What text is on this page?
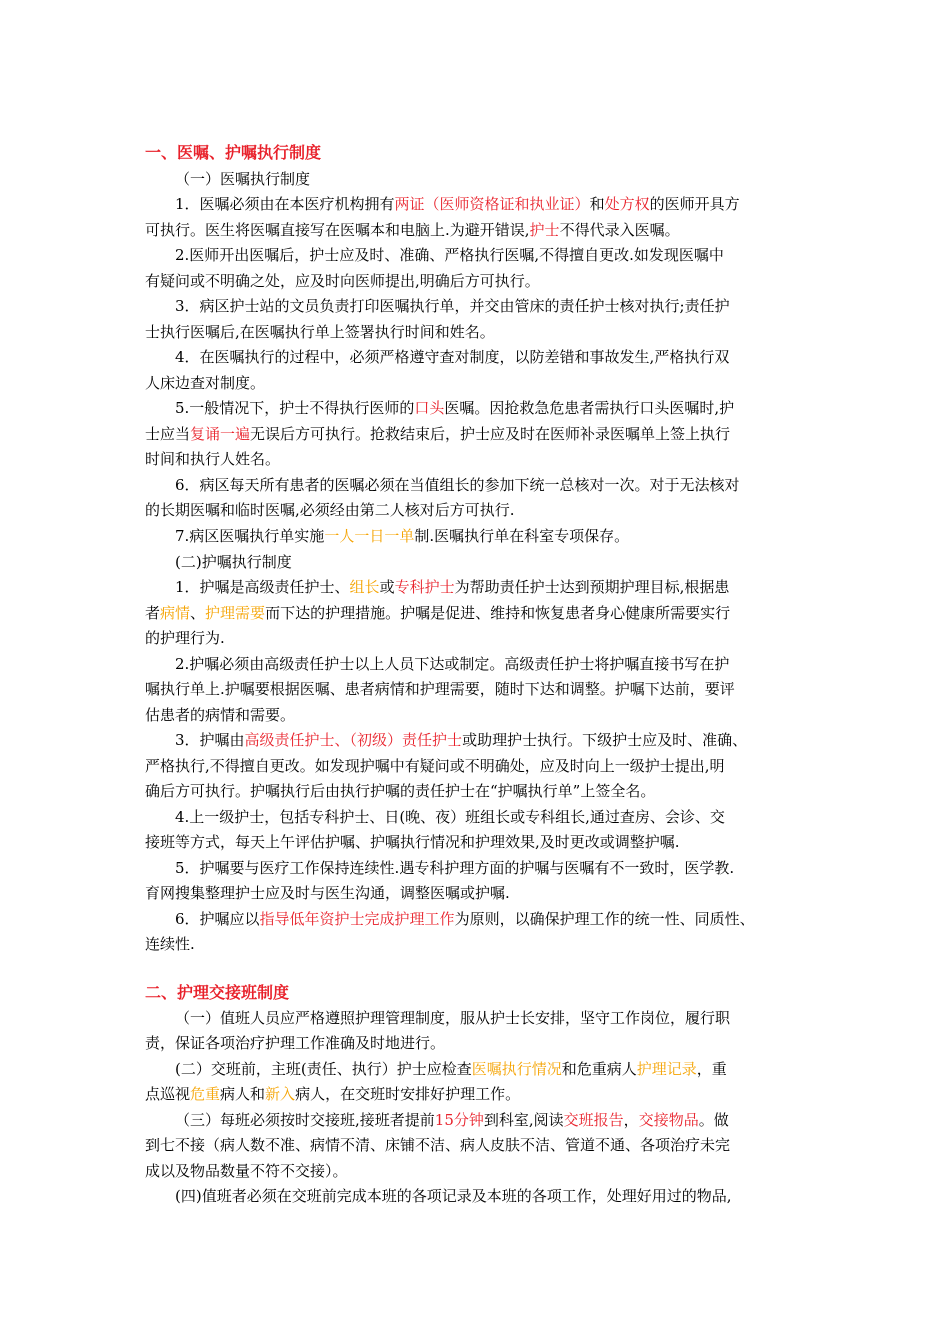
一、医嘱、护嘱执行制度
（一）医嘱执行制度
1．医嘱必须由在本医疗机构拥有两证（医师资格证和执业证）和处方权的医师开具方
可执行。医生将医嘱直接写在医嘱本和电脑上.为避开错误,护士不得代录入医嘱。
2.医师开出医嘱后，护士应及时、准确、严格执行医嘱,不得擅自更改.如发现医嘱中
有疑问或不明确之处，应及时向医师提出,明确后方可执行。
3．病区护士站的文员负责打印医嘱执行单，并交由管床的责任护士核对执行;责任护
士执行医嘱后,在医嘱执行单上签署执行时间和姓名。
4．在医嘱执行的过程中，必须严格遵守查对制度，以防差错和事故发生,严格执行双
人床边查对制度。
5.一般情况下，护士不得执行医师的口头医嘱。因抢救急危患者需执行口头医嘱时,护
士应当复诵一遍无误后方可执行。抢救结束后，护士应及时在医师补录医嘱单上签上执行
时间和执行人姓名。
6．病区每天所有患者的医嘱必须在当值组长的参加下统一总核对一次。对于无法核对
的长期医嘱和临时医嘱,必须经由第二人核对后方可执行.
7.病区医嘱执行单实施一人一日一单制.医嘱执行单在科室专项保存。
(二)护嘱执行制度
1．护嘱是高级责任护士、组长或专科护士为帮助责任护士达到预期护理目标,根据患
者病情、护理需要而下达的护理措施。护嘱是促进、维持和恢复患者身心健康所需要实行
的护理行为.
2.护嘱必须由高级责任护士以上人员下达或制定。高级责任护士将护嘱直接书写在护
嘱执行单上.护嘱要根据医嘱、患者病情和护理需要，随时下达和调整。护嘱下达前，要评
估患者的病情和需要。
3．护嘱由高级责任护士、（初级）责任护士或助理护士执行。下级护士应及时、准确、
严格执行,不得擅自更改。如发现护嘱中有疑问或不明确处，应及时向上一级护士提出,明
确后方可执行。护嘱执行后由执行护嘱的责任护士在“护嘱执行单”上签全名。
4.上一级护士，包括专科护士、日(晚、夜）班组长或专科组长,通过查房、会诊、交
接班等方式，每天上午评估护嘱、护嘱执行情况和护理效果,及时更改或调整护嘱.
5．护嘱要与医疗工作保持连续性.遇专科护理方面的护嘱与医嘱有不一致时，医学教.
育网搜集整理护士应及时与医生沟通，调整医嘱或护嘱.
6．护嘱应以指导低年资护士完成护理工作为原则，以确保护理工作的统一性、同质性、
连续性.
二、护理交接班制度
（一）值班人员应严格遵照护理管理制度，服从护士长安排，坚守工作岗位，履行职
责，保证各项治疗护理工作准确及时地进行。
(二）交班前，主班(责任、执行）护士应检查医嘱执行情况和危重病人护理记录，重
点巡视危重病人和新入病人，在交班时安排好护理工作。
（三）每班必须按时交接班,接班者提前15分钟到科室,阅读交班报告，交接物品。做
到七不接（病人数不准、病情不清、床铺不洁、病人皮肤不洁、管道不通、各项治疗未完
成以及物品数量不符不交接）。
(四)值班者必须在交班前完成本班的各项记录及本班的各项工作，处理好用过的物品,
